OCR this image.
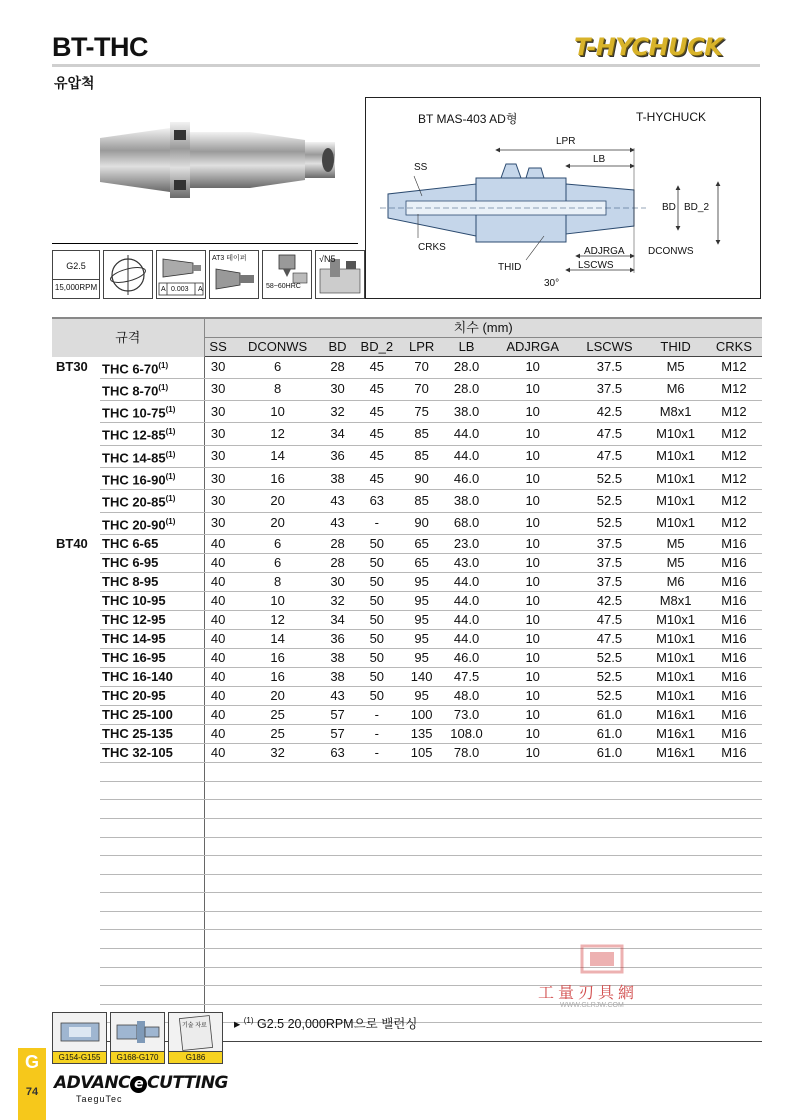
BT-THC
유압척
T-HYCHUCK
G2.5
15,000RPM	A 0.003 A
AT3 테이퍼
58~60HRC
√N5
BT MAS-403 AD형	T-HYCHUCK
LPR
LB
SS
BD BD_2
CRKS
THID
ADJRGA DCONWS
LSCWS
30°
규격		치수 (mm)									
		SS	DCONWS	BD	BD_2	LPR	LB	ADJRGA	LSCWS	THID	CRKS
BT30	THC 6-70$^{(1)}$	30	6	28	45	70	28.0	10	37.5	M5	M12
	THC 8-70$^{(1)}$	30	8	30	45	70	28.0	10	37.5	M6	M12
	THC 10-75$^{(1)}$	30	10	32	45	75	38.0	10	42.5	M8x1	M12
	THC 12-85$^{(1)}$	30	12	34	45	85	44.0	10	47.5	M10x1	M12
	THC 14-85$^{(1)}$	30	14	36	45	85	44.0	10	47.5	M10x1	M12
	THC 16-90$^{(1)}$	30	16	38	45	90	46.0	10	52.5	M10x1	M12
	THC 20-85$^{(1)}$	30	20	43	63	85	38.0	10	52.5	M10x1	M12
	THC 20-90$^{(1)}$	30	20	43	-	90	68.0	10	52.5	M10x1	M12
BT40	THC 6-65	40	6	28	50	65	23.0	10	37.5	M5	M16
	THC 6-95	40	6	28	50	65	43.0	10	37.5	M5	M16
	THC 8-95	40	8	30	50	95	44.0	10	37.5	M6	M16
	THC 10-95	40	10	32	50	95	44.0	10	42.5	M8x1	M16
	THC 12-95	40	12	34	50	95	44.0	10	47.5	M10x1	M16
	THC 14-95	40	14	36	50	95	44.0	10	47.5	M10x1	M16
	THC 16-95	40	16	38	50	95	46.0	10	52.5	M10x1	M16
	THC 16-140	40	16	38	50	140	47.5	10	52.5	M10x1	M16
	THC 20-95	40	20	43	50	95	48.0	10	52.5	M10x1	M16
	THC 25-100	40	25	57	-	100	73.0	10	61.0	M16x1	M16
	THC 25-135	40	25	57	-	135	108.0	10	61.0	M16x1	M16
	THC 32-105	40	32	63	-	105	78.0	10	61.0	M16x1	M16

工量刃具網
WWW.GLRJW.COM
▸ $^{(1)}$ G2.5 20,000RPM으로 밸런싱
G154-G155	G168-G170
기술 자료
G186
G
74 ADVANC e CUTTING
TaeguTec
